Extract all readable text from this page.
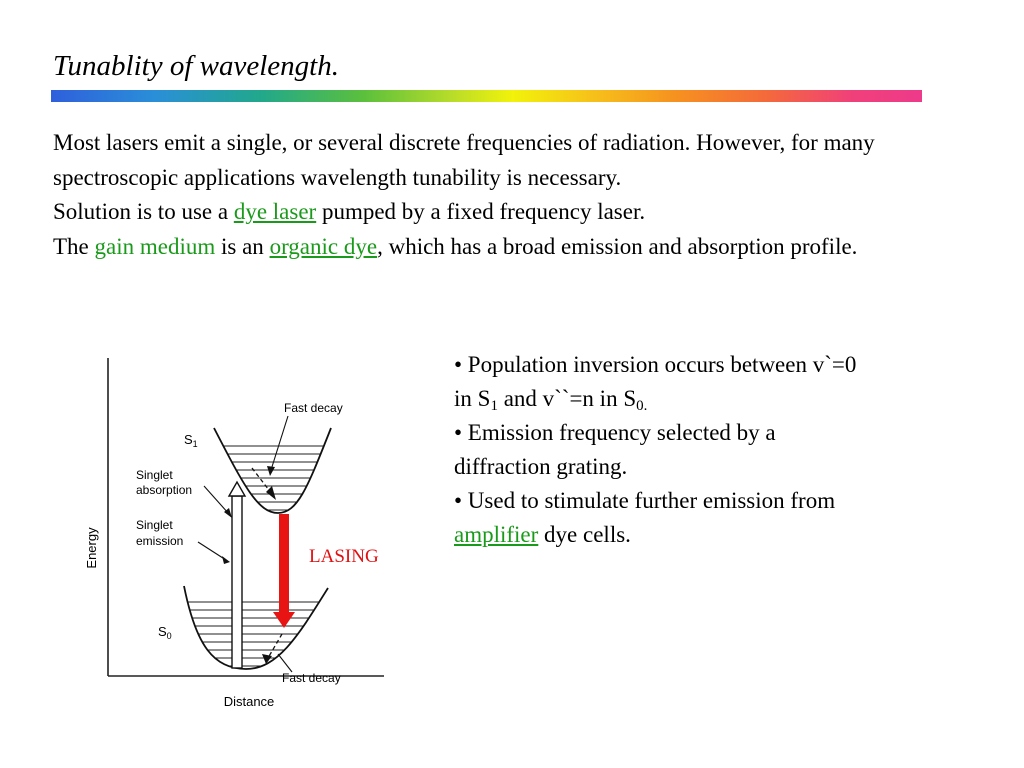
Tunablity of wavelength.

Most lasers emit a single, or several discrete frequencies of radiation. However, for many spectroscopic applications wavelength tunability is necessary.

Solution is to use a dye laser pumped by a fixed frequency laser.

The gain medium is an organic dye, which has a broad emission and absorption profile.

• Population inversion occurs between v`=0 in $S_1$ and v``=n in $S_{0.}$

• Emission frequency selected by a diffraction grating.

• Used to stimulate further emission from amplifier dye cells.

Energy
Distance
$S_1$
$S_0$
Fast decay
Singlet absorption
Singlet emission
Fast decay
LASING
